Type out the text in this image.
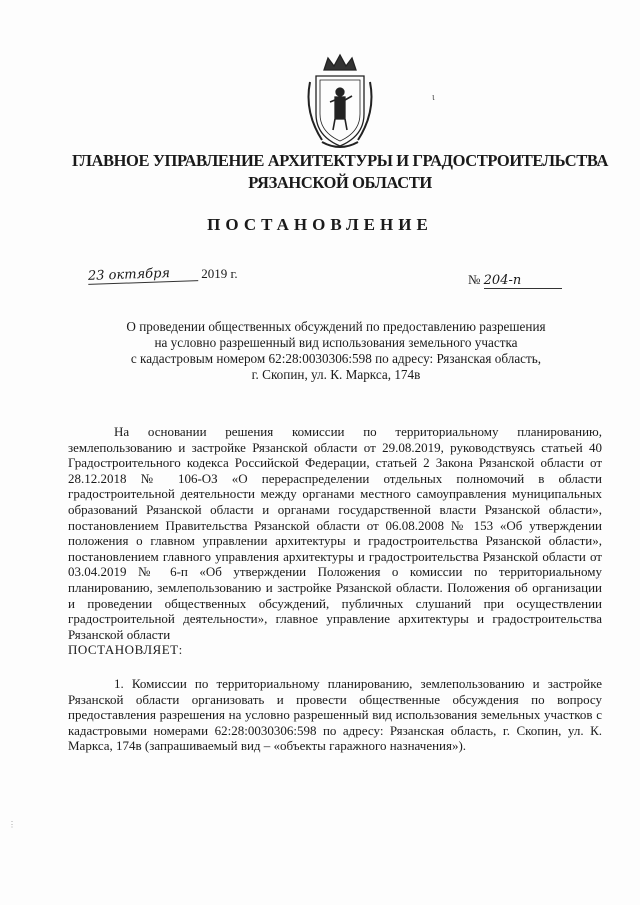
ι
ГЛАВНОЕ УПРАВЛЕНИЕ АРХИТЕКТУРЫ И ГРАДОСТРОИТЕЛЬСТВА
РЯЗАНСКОЙ ОБЛАСТИ
ПОСТАНОВЛЕНИЕ
23 октября 2019 г.	№ 204-п
О проведении общественных обсуждений по предоставлению разрешения
на условно разрешенный вид использования земельного участка
с кадастровым номером 62:28:0030306:598 по адресу: Рязанская область,
г. Скопин, ул. К. Маркса, 174в

На основании решения комиссии по территориальному планированию, землепользованию и застройке Рязанской области от 29.08.2019, руководствуясь статьей 40 Градостроительного кодекса Российской Федерации, статьей 2 Закона Рязанской области от 28.12.2018 № 106-ОЗ «О перераспределении отдельных полномочий в области градостроительной деятельности между органами местного самоуправления муниципальных образований Рязанской области и органами государственной власти Рязанской области», постановлением Правительства Рязанской области от 06.08.2008 № 153 «Об утверждении положения о главном управлении архитектуры и градостроительства Рязанской области», постановлением главного управления архитектуры и градостроительства Рязанской области от 03.04.2019 № 6-п «Об утверждении Положения о комиссии по территориальному планированию, землепользованию и застройке Рязанской области. Положения об организации и проведении общественных обсуждений, публичных слушаний при осуществлении градостроительной деятельности», главное управление архитектуры и градостроительства Рязанской области
ПОСТАНОВЛЯЕТ:

1. Комиссии по территориальному планированию, землепользованию и застройке Рязанской области организовать и провести общественные обсуждения по вопросу предоставления разрешения на условно разрешенный вид использования земельных участков с кадастровыми номерами 62:28:0030306:598 по адресу: Рязанская область, г. Скопин, ул. К. Маркса, 174в (запрашиваемый вид – «объекты гаражного назначения»).

⋮
